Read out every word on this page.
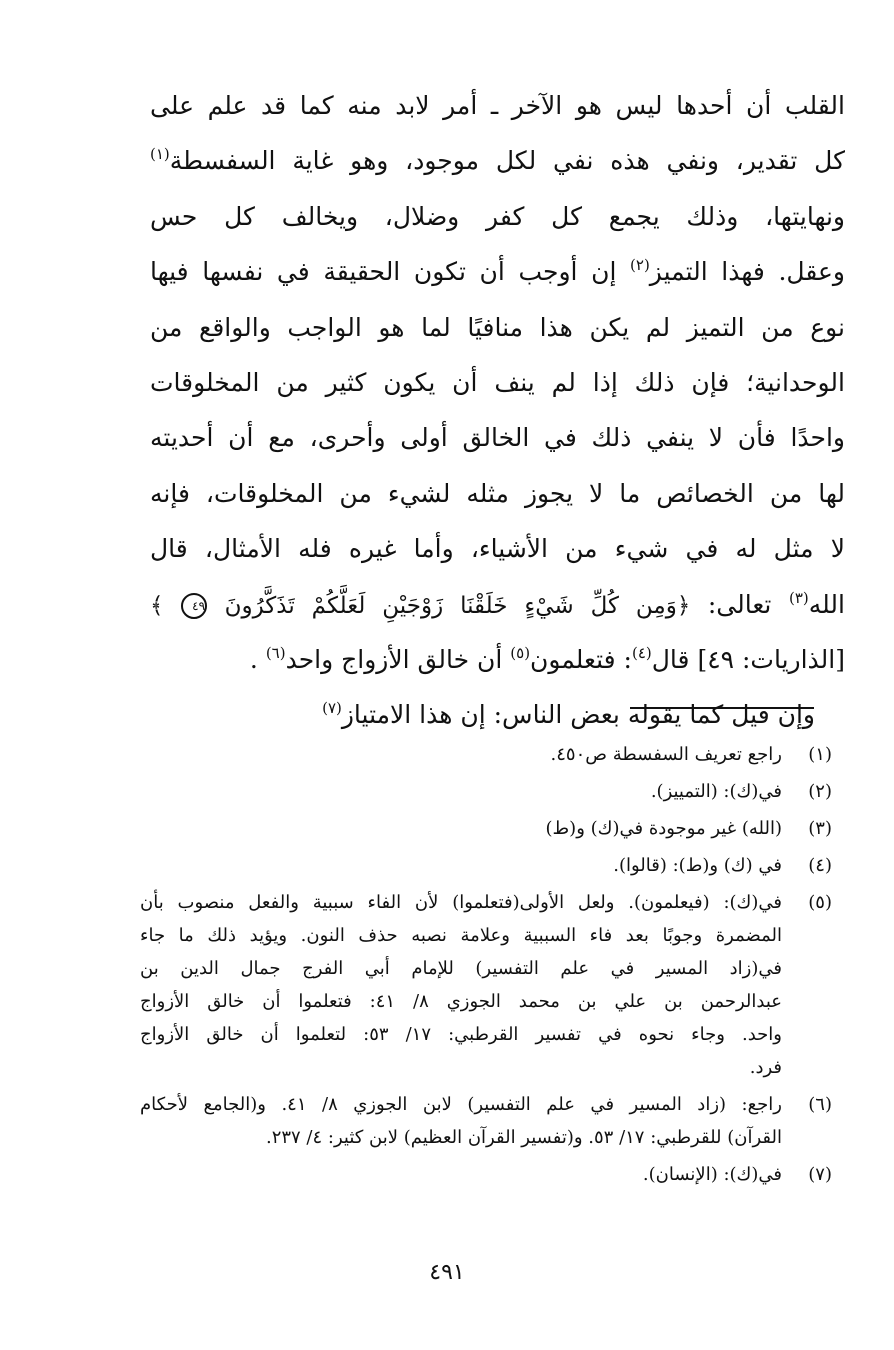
القلب أن أحدها ليس هو الآخر ـ أمر لابد منه كما قد علم على
كل تقدير، ونفي هذه نفي لكل موجود، وهو غاية السفسطة$^{(١)}$
ونهايتها، وذلك يجمع كل كفر وضلال، ويخالف كل حس
وعقل. فهذا التميز$^{(٢)}$ إن أوجب أن تكون الحقيقة في نفسها فيها
نوع من التميز لم يكن هذا منافيًا لما هو الواجب والواقع من
الوحدانية؛ فإن ذلك إذا لم ينف أن يكون كثير من المخلوقات
واحدًا فأن لا ينفي ذلك في الخالق أولى وأحرى، مع أن أحديته
لها من الخصائص ما لا يجوز مثله لشيء من المخلوقات، فإنه
لا مثل له في شيء من الأشياء، وأما غيره فله الأمثال، قال
الله$^{(٣)}$ تعالى: ﴿وَمِن كُلِّ شَيْءٍ خَلَقْنَا زَوْجَيْنِ لَعَلَّكُمْ تَذَكَّرُونَ ٤٩ ﴾
[الذاريات: ٤٩] قال$^{(٤)}$: فتعلمون$^{(٥)}$ أن خالق الأزواج واحد$^{(٦)}$ .
وإن قيل كما يقوله بعض الناس: إن هذا الامتياز$^{(٧)}$
(١)
راجع تعريف السفسطة ص٤٥٠.
(٢)
في(ك): (التمييز).
(٣)
(الله) غير موجودة في(ك) و(ط)
(٤)
في (ك) و(ط): (قالوا).
(٥)
في(ك): (فيعلمون). ولعل الأولى(فتعلموا) لأن الفاء سببية والفعل منصوب بأن
المضمرة وجوبًا بعد فاء السببية وعلامة نصبه حذف النون. ويؤيد ذلك ما جاء
في(زاد المسير في علم التفسير) للإمام أبي الفرج جمال الدين بن
عبدالرحمن بن علي بن محمد الجوزي ٨/ ٤١: فتعلموا أن خالق الأزواج
واحد. وجاء نحوه في تفسير القرطبي: ١٧/ ٥٣: لتعلموا أن خالق الأزواج
فرد.
(٦)
راجع: (زاد المسير في علم التفسير) لابن الجوزي ٨/ ٤١. و(الجامع لأحكام
القرآن) للقرطبي: ١٧/ ٥٣. و(تفسير القرآن العظيم) لابن كثير: ٤/ ٢٣٧.
(٧)
في(ك): (الإنسان).
٤٩١
